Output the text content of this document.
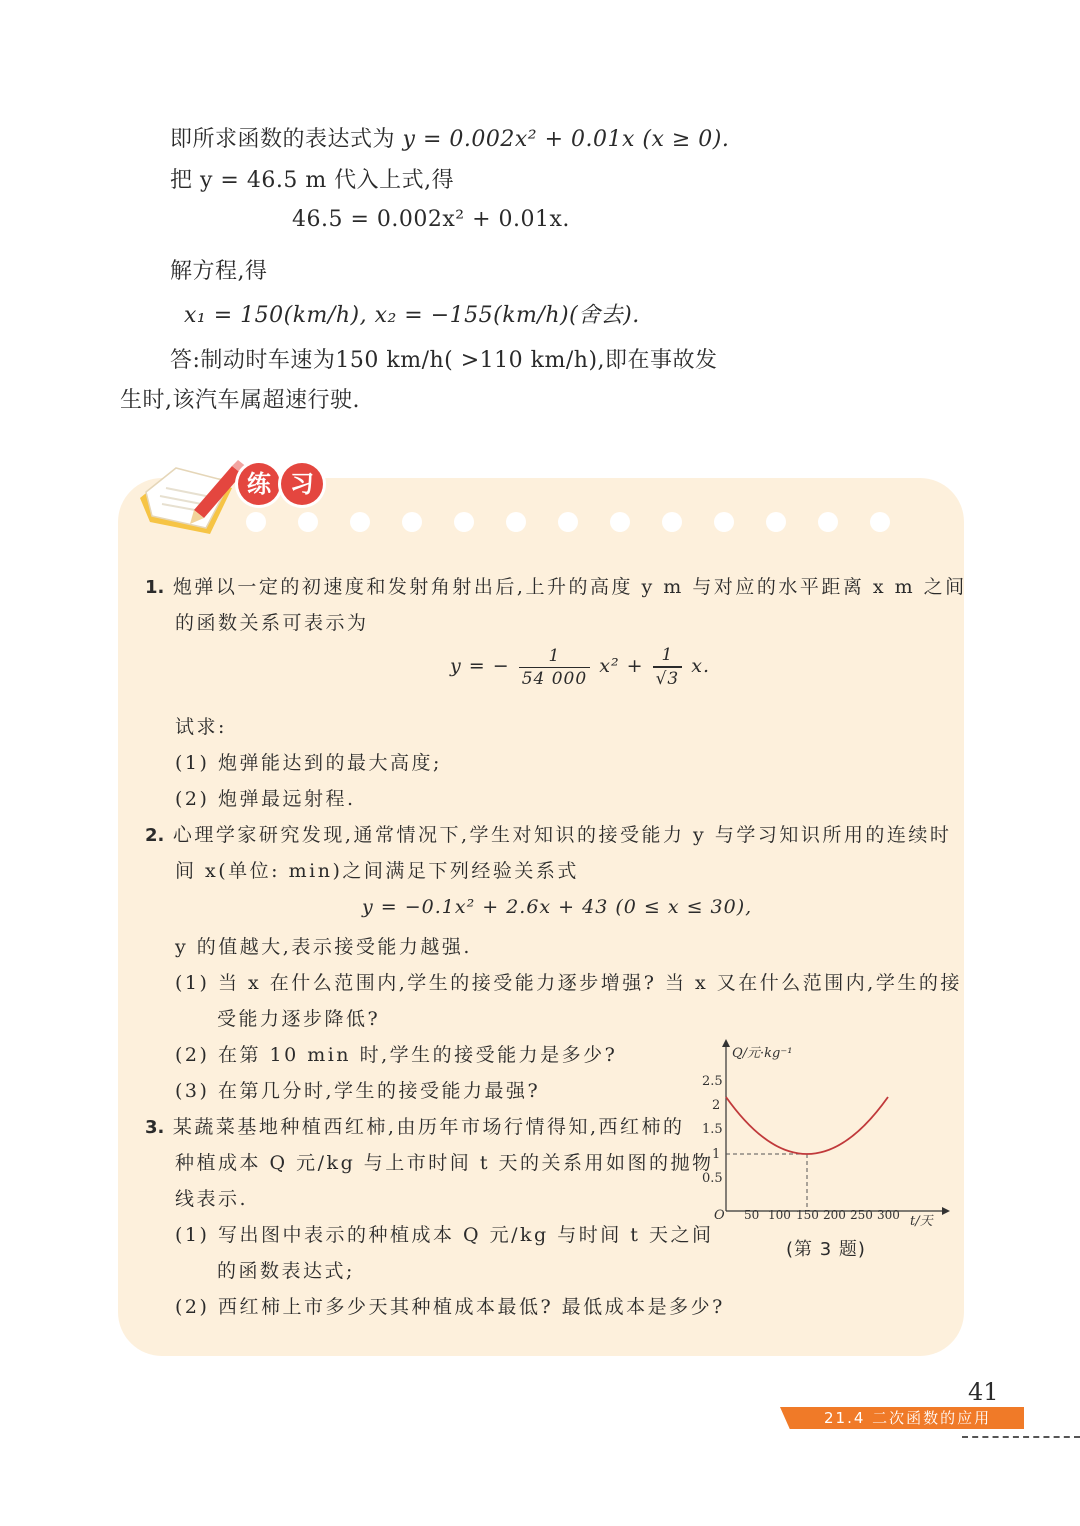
即所求函数的表达式为 y = 0.002x² + 0.01x (x ≥ 0).
把 y = 46.5 m 代入上式,得
46.5 = 0.002x² + 0.01x.
解方程,得
x₁ = 150(km/h), x₂ = −155(km/h)(舍去).
答:制动时车速为150 km/h( >110 km/h),即在事故发
生时,该汽车属超速行驶.
练 习
1. 炮弹以一定的初速度和发射角射出后,上升的高度 y m 与对应的水平距离 x m 之间
的函数关系可表示为
y = − $\frac{1}{54 000} x^2 + \frac{1}{√3} x$.
试求:
(1) 炮弹能达到的最大高度;
(2) 炮弹最远射程.
2. 心理学家研究发现,通常情况下,学生对知识的接受能力 y 与学习知识所用的连续时
间 x(单位: min)之间满足下列经验关系式
y = −0.1x² + 2.6x + 43 (0 ≤ x ≤ 30),
y 的值越大,表示接受能力越强.
(1) 当 x 在什么范围内,学生的接受能力逐步增强? 当 x 又在什么范围内,学生的接
受能力逐步降低?
(2) 在第 10 min 时,学生的接受能力是多少?
(3) 在第几分时,学生的接受能力最强?
3. 某蔬菜基地种植西红柿,由历年市场行情得知,西红柿的
种植成本 Q 元/kg 与上市时间 t 天的关系用如图的抛物
线表示.
(1) 写出图中表示的种植成本 Q 元/kg 与时间 t 天之间
的函数表达式;
(2) 西红柿上市多少天其种植成本最低? 最低成本是多少?
Q/元·kg⁻¹
t/天
O
2.5
2
1.5
1
0.5
50 100 150 200 250 300
(第 3 题)
41
21.4 二次函数的应用
